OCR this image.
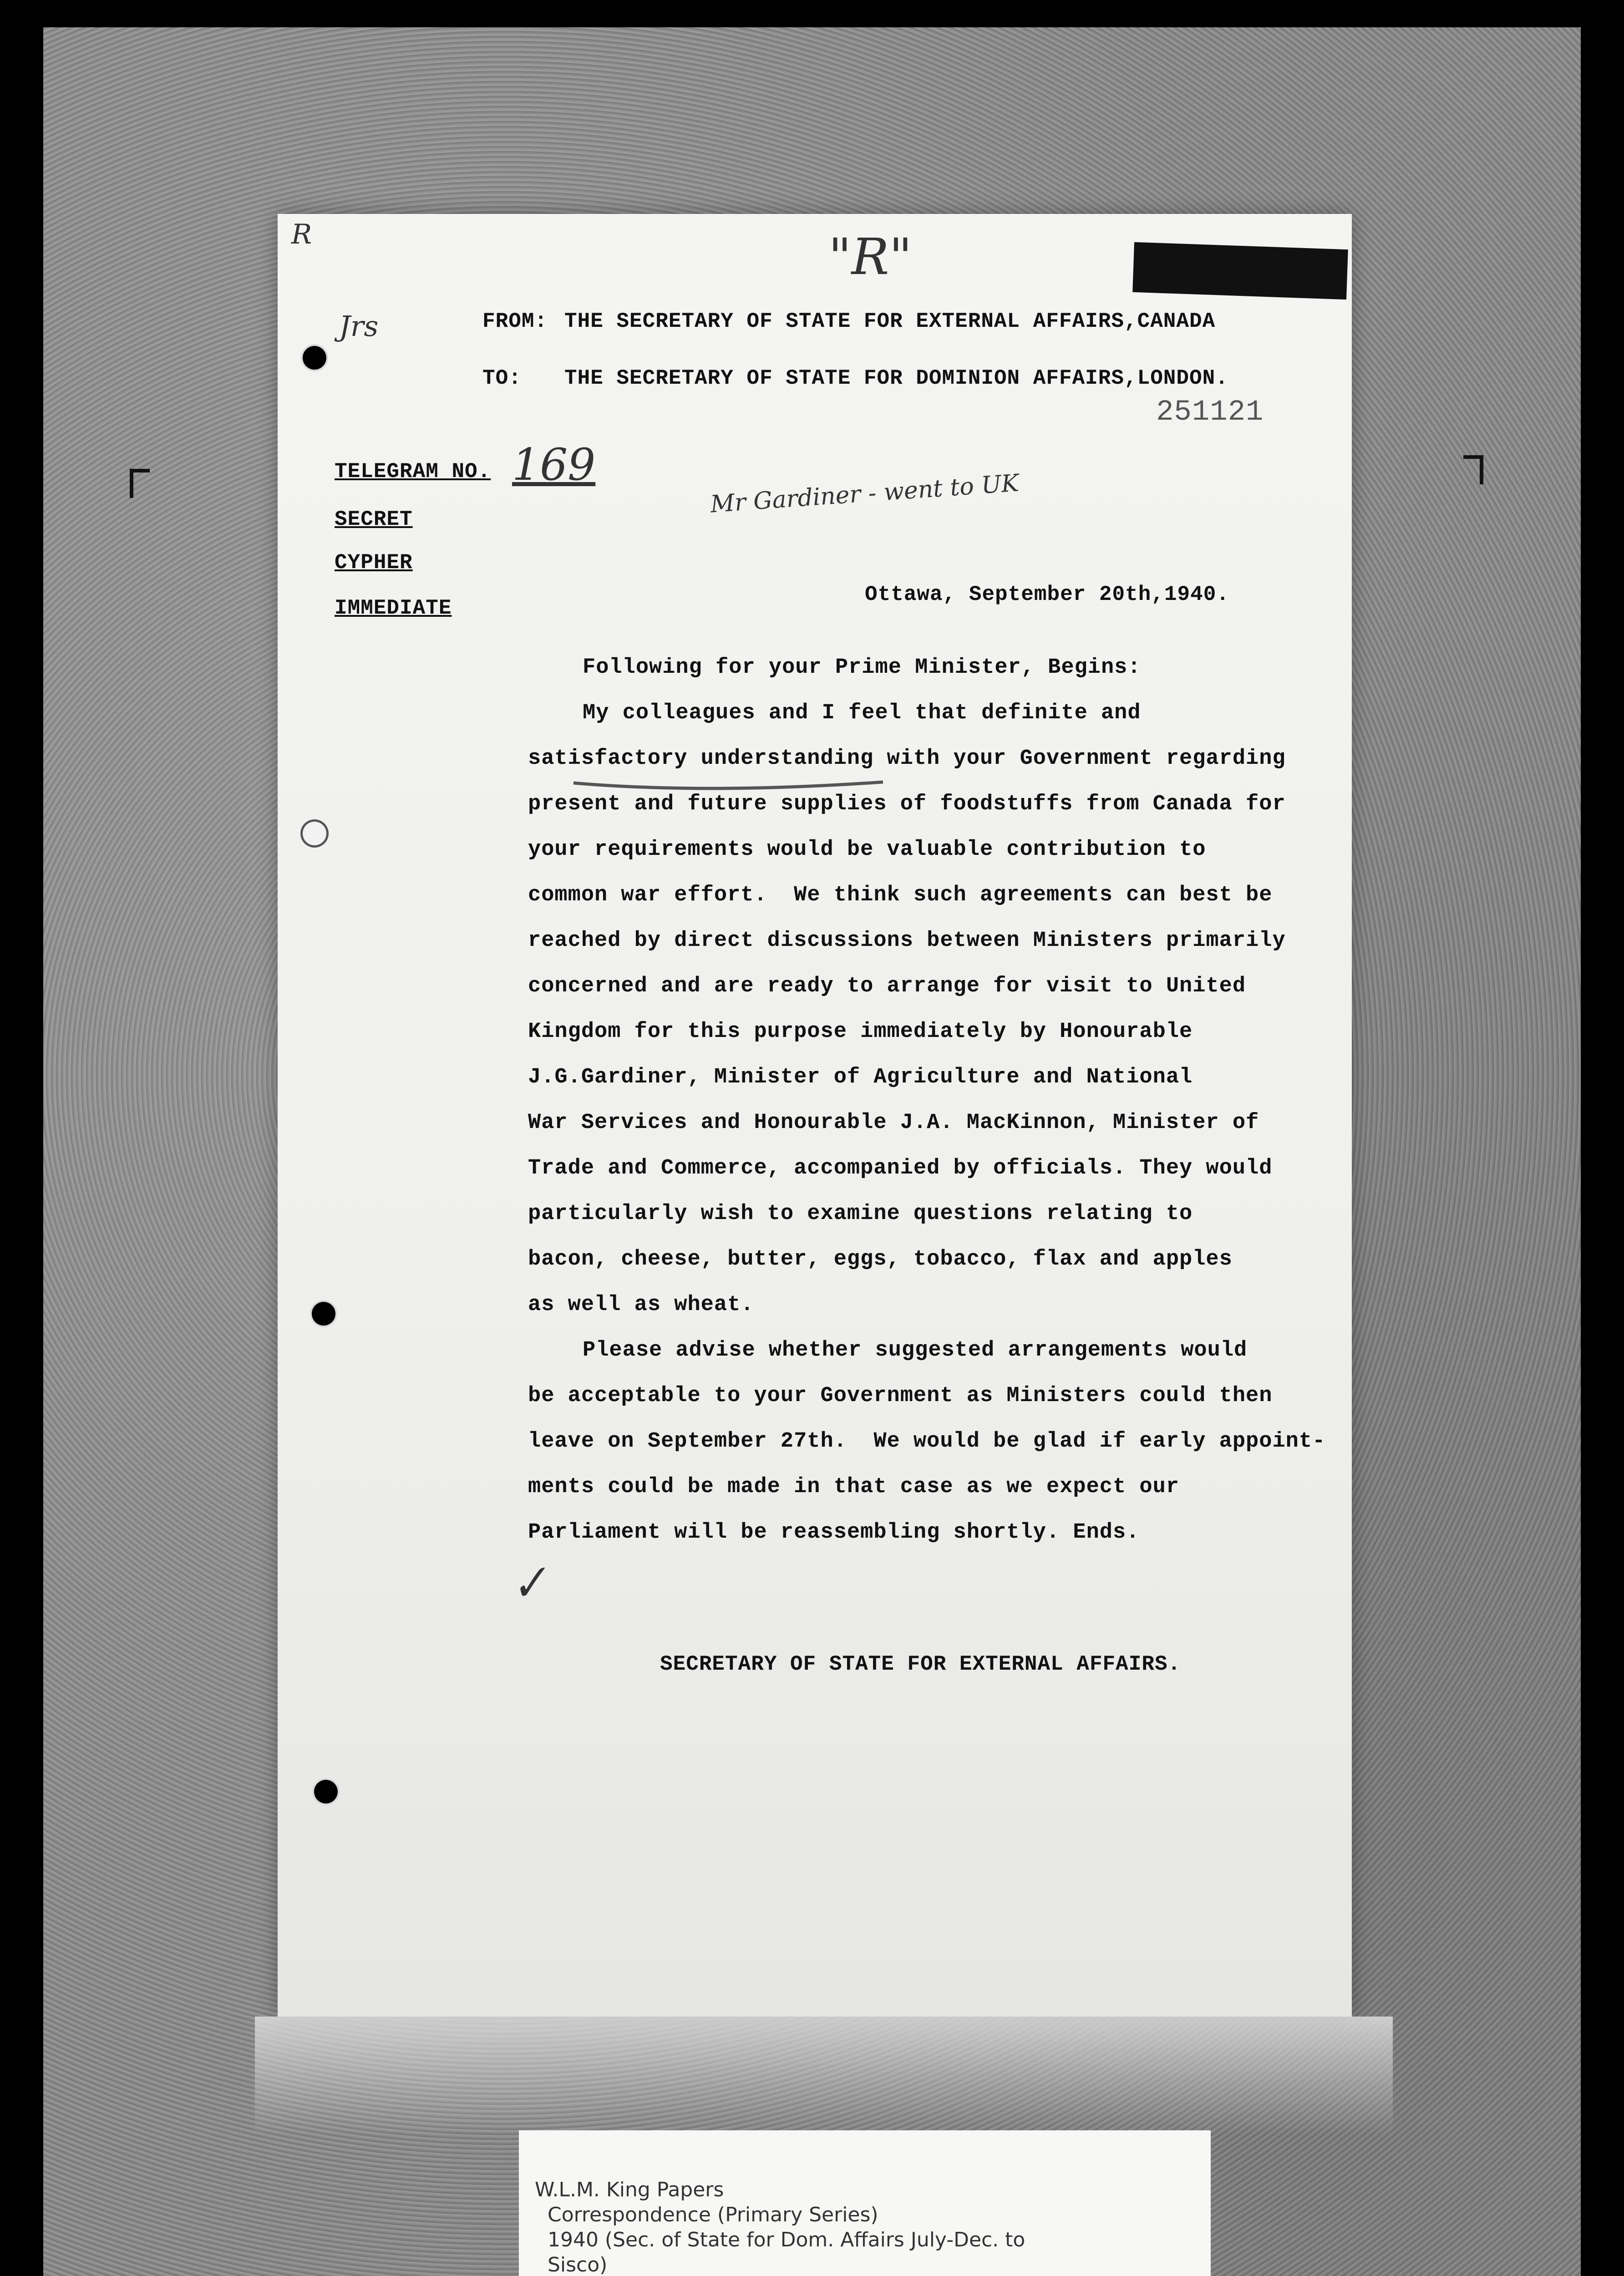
R	"R"
Jrs	FROM: THE SECRETARY OF STATE FOR EXTERNAL AFFAIRS,CANADA
TO: THE SECRETARY OF STATE FOR DOMINION AFFAIRS,LONDON.
251121
TELEGRAM NO. 169
SECRET
CYPHER
IMMEDIATE
Mr Gardiner - went to UK
Ottawa, September 20th,1940.
Following for your Prime Minister, Begins:
My colleagues and I feel that definite and
satisfactory understanding with your Government regarding
present and future supplies of foodstuffs from Canada for
your requirements would be valuable contribution to
common war effort.  We think such agreements can best be
reached by direct discussions between Ministers primarily
concerned and are ready to arrange for visit to United
Kingdom for this purpose immediately by Honourable
J.G.Gardiner, Minister of Agriculture and National
War Services and Honourable J.A. MacKinnon, Minister of
Trade and Commerce, accompanied by officials. They would
particularly wish to examine questions relating to
bacon, cheese, butter, eggs, tobacco, flax and apples
as well as wheat.
Please advise whether suggested arrangements would
be acceptable to your Government as Ministers could then
leave on September 27th.  We would be glad if early appoint-
ments could be made in that case as we expect our
Parliament will be reassembling shortly. Ends.
✓
SECRETARY OF STATE FOR EXTERNAL AFFAIRS.
W.L.M. King Papers
Correspondence (Primary Series)
1940 (Sec. of State for Dom. Affairs July-Dec. to
Sisco)
